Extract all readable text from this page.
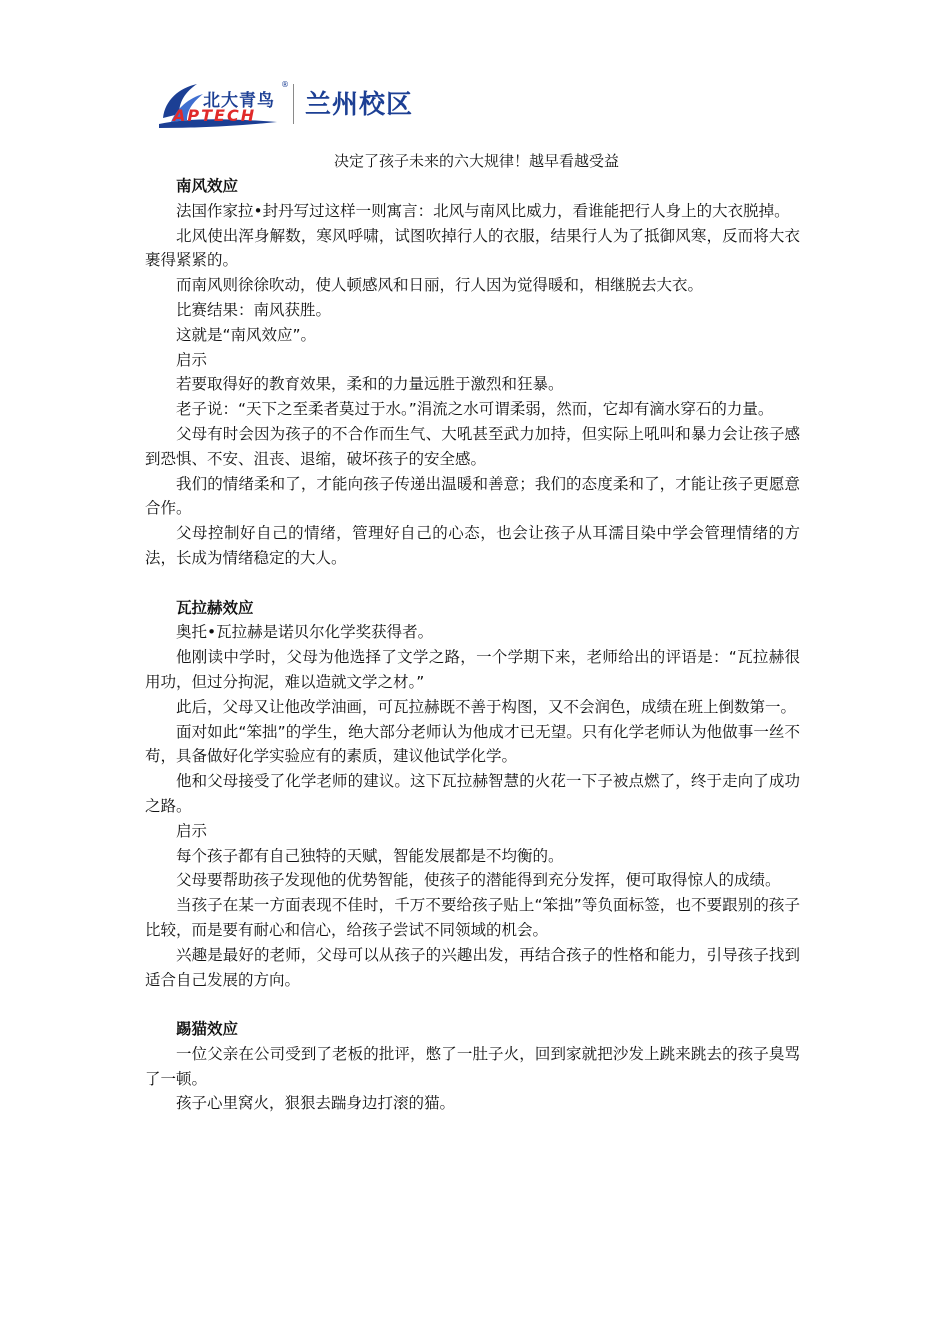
北大青鸟
®
APTECH 兰州校区
决定了孩子未来的六大规律！越早看越受益

南风效应

法国作家拉•封丹写过这样一则寓言：北风与南风比威力，看谁能把行人身上的大衣脱掉。

北风使出浑身解数，寒风呼啸，试图吹掉行人的衣服，结果行人为了抵御风寒，反而将大衣裹得紧紧的。

而南风则徐徐吹动，使人顿感风和日丽，行人因为觉得暖和，相继脱去大衣。

比赛结果：南风获胜。

这就是“南风效应”。

启示

若要取得好的教育效果，柔和的力量远胜于激烈和狂暴。

老子说：“天下之至柔者莫过于水。”涓流之水可谓柔弱，然而，它却有滴水穿石的力量。

父母有时会因为孩子的不合作而生气、大吼甚至武力加持，但实际上吼叫和暴力会让孩子感到恐惧、不安、沮丧、退缩，破坏孩子的安全感。

我们的情绪柔和了，才能向孩子传递出温暖和善意；我们的态度柔和了，才能让孩子更愿意合作。

父母控制好自己的情绪，管理好自己的心态，也会让孩子从耳濡目染中学会管理情绪的方法，长成为情绪稳定的大人。

瓦拉赫效应

奥托•瓦拉赫是诺贝尔化学奖获得者。

他刚读中学时，父母为他选择了文学之路，一个学期下来，老师给出的评语是：“瓦拉赫很用功，但过分拘泥，难以造就文学之材。”

此后，父母又让他改学油画，可瓦拉赫既不善于构图，又不会润色，成绩在班上倒数第一。

面对如此“笨拙”的学生，绝大部分老师认为他成才已无望。只有化学老师认为他做事一丝不苟，具备做好化学实验应有的素质，建议他试学化学。

他和父母接受了化学老师的建议。这下瓦拉赫智慧的火花一下子被点燃了，终于走向了成功之路。

启示

每个孩子都有自己独特的天赋，智能发展都是不均衡的。

父母要帮助孩子发现他的优势智能，使孩子的潜能得到充分发挥，便可取得惊人的成绩。

当孩子在某一方面表现不佳时，千万不要给孩子贴上“笨拙”等负面标签，也不要跟别的孩子比较，而是要有耐心和信心，给孩子尝试不同领域的机会。

兴趣是最好的老师，父母可以从孩子的兴趣出发，再结合孩子的性格和能力，引导孩子找到适合自己发展的方向。

踢猫效应

一位父亲在公司受到了老板的批评，憋了一肚子火，回到家就把沙发上跳来跳去的孩子臭骂了一顿。

孩子心里窝火，狠狠去踹身边打滚的猫。
